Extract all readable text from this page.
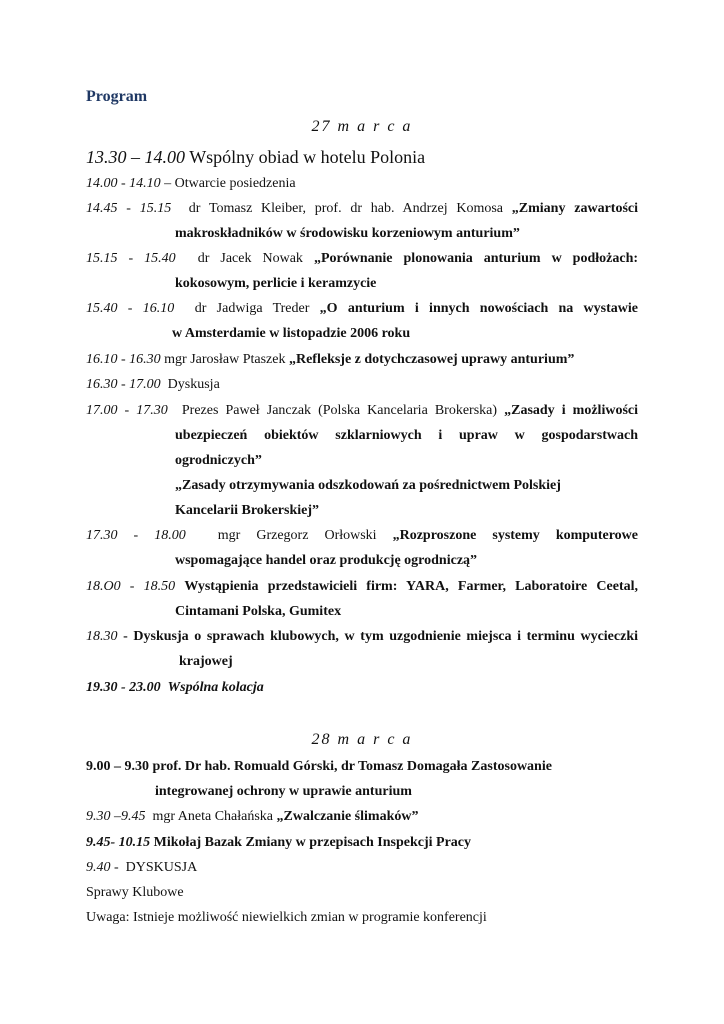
Program
27 m a r c a
13.30 – 14.00 Wspólny obiad w hotelu Polonia
14.00 - 14.10 – Otwarcie posiedzenia
14.45 - 15.15 dr Tomasz Kleiber, prof. dr hab. Andrzej Komosa „Zmiany zawartości
makroskładników w środowisku korzeniowym anturium”
15.15 - 15.40 dr Jacek Nowak „Porównanie plonowania anturium w podłożach:
kokosowym, perlicie i keramzycie
15.40 - 16.10 dr Jadwiga Treder „O anturium i innych nowościach na wystawie
w Amsterdamie w listopadzie 2006 roku
16.10 - 16.30 mgr Jarosław Ptaszek „Refleksje z dotychczasowej uprawy anturium”
16.30 - 17.00 Dyskusja
17.00 - 17.30 Prezes Paweł Janczak (Polska Kancelaria Brokerska) „Zasady i możliwości
ubezpieczeń obiektów szklarniowych i upraw w gospodarstwach
ogrodniczych”
„Zasady otrzymywania odszkodowań za pośrednictwem Polskiej
Kancelarii Brokerskiej”
17.30 - 18.00 mgr Grzegorz Orłowski „Rozproszone systemy komputerowe
wspomagające handel oraz produkcję ogrodniczą”
18.O0 - 18.50 Wystąpienia przedstawicieli firm: YARA, Farmer, Laboratoire Ceetal,
Cintamani Polska, Gumitex
18.30 - Dyskusja o sprawach klubowych, w tym uzgodnienie miejsca i terminu wycieczki
krajowej
19.30 - 23.00 Wspólna kolacja
28 m a r c a
9.00 – 9.30 prof. Dr hab. Romuald Górski, dr Tomasz Domagała Zastosowanie
integrowanej ochrony w uprawie anturium
9.30 –9.45 mgr Aneta Chałańska „Zwalczanie ślimaków”
9.45- 10.15 Mikołaj Bazak Zmiany w przepisach Inspekcji Pracy
9.40 - DYSKUSJA
Sprawy Klubowe
Uwaga: Istnieje możliwość niewielkich zmian w programie konferencji
